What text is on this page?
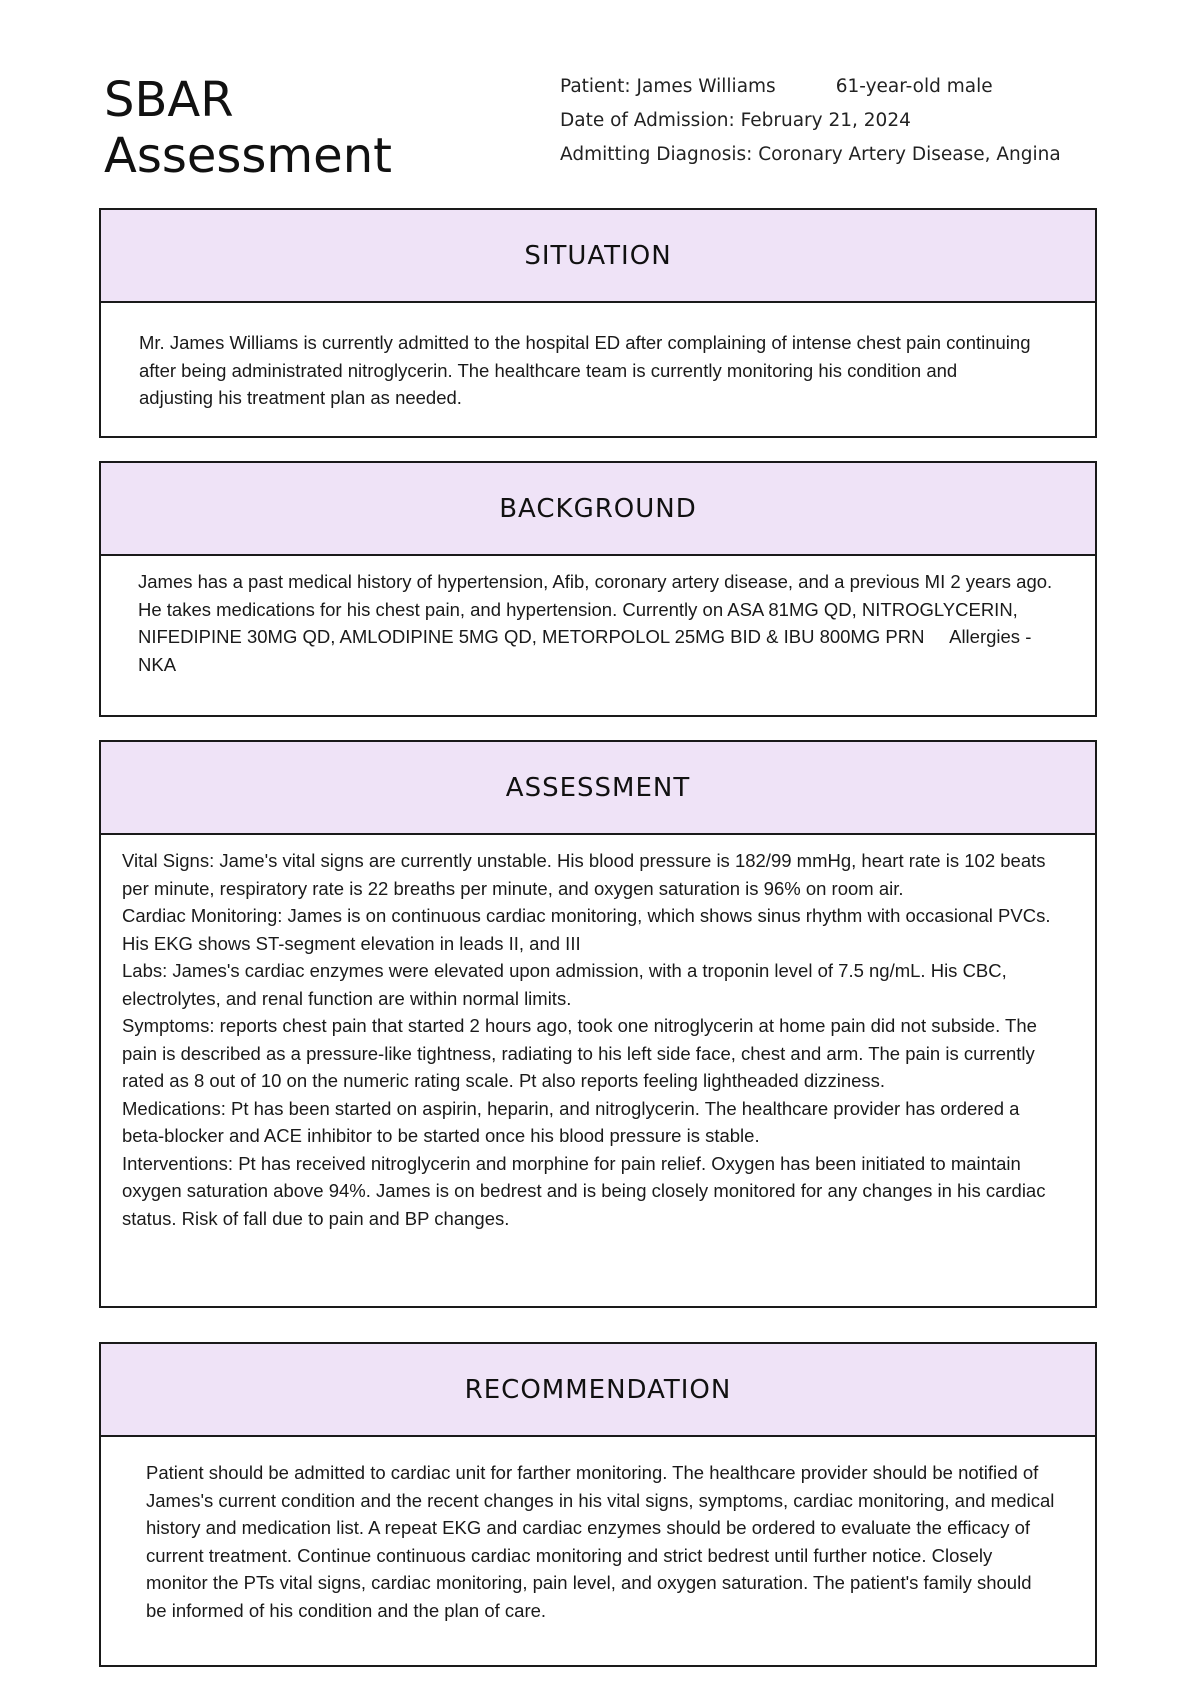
SBAR
Assessment
Patient: James Williams	61-year-old male
Date of Admission: February 21, 2024
Admitting Diagnosis: Coronary Artery Disease, Angina
SITUATION

Mr. James Williams is currently admitted to the hospital ED after complaining of intense chest pain continuing after being administrated nitroglycerin. The healthcare team is currently monitoring his condition and adjusting his treatment plan as needed.

BACKGROUND

James has a past medical history of hypertension, Afib, coronary artery disease, and a previous MI 2 years ago. He takes medications for his chest pain, and hypertension. Currently on ASA 81MG QD, NITROGLYCERIN, NIFEDIPINE 30MG QD, AMLODIPINE 5MG QD, METORPOLOL 25MG BID & IBU 800MG PRN     Allergies - NKA

ASSESSMENT

Vital Signs: Jame's vital signs are currently unstable. His blood pressure is 182/99 mmHg, heart rate is 102 beats per minute, respiratory rate is 22 breaths per minute, and oxygen saturation is 96% on room air.

Cardiac Monitoring: James is on continuous cardiac monitoring, which shows sinus rhythm with occasional PVCs. His EKG shows ST-segment elevation in leads II, and III

Labs: James's cardiac enzymes were elevated upon admission, with a troponin level of 7.5 ng/mL. His CBC, electrolytes, and renal function are within normal limits.

Symptoms: reports chest pain that started 2 hours ago, took one nitroglycerin at home pain did not subside. The pain is described as a pressure-like tightness, radiating to his left side face, chest and arm. The pain is currently rated as 8 out of 10 on the numeric rating scale. Pt also reports feeling lightheaded dizziness.

Medications: Pt has been started on aspirin, heparin, and nitroglycerin. The healthcare provider has ordered a beta-blocker and ACE inhibitor to be started once his blood pressure is stable.

Interventions: Pt has received nitroglycerin and morphine for pain relief. Oxygen has been initiated to maintain oxygen saturation above 94%. James is on bedrest and is being closely monitored for any changes in his cardiac status. Risk of fall due to pain and BP changes.

RECOMMENDATION

Patient should be admitted to cardiac unit for farther monitoring. The healthcare provider should be notified of James's current condition and the recent changes in his vital signs, symptoms, cardiac monitoring, and medical history and medication list. A repeat EKG and cardiac enzymes should be ordered to evaluate the efficacy of current treatment. Continue continuous cardiac monitoring and strict bedrest until further notice. Closely monitor the PTs vital signs, cardiac monitoring, pain level, and oxygen saturation. The patient's family should be informed of his condition and the plan of care.
